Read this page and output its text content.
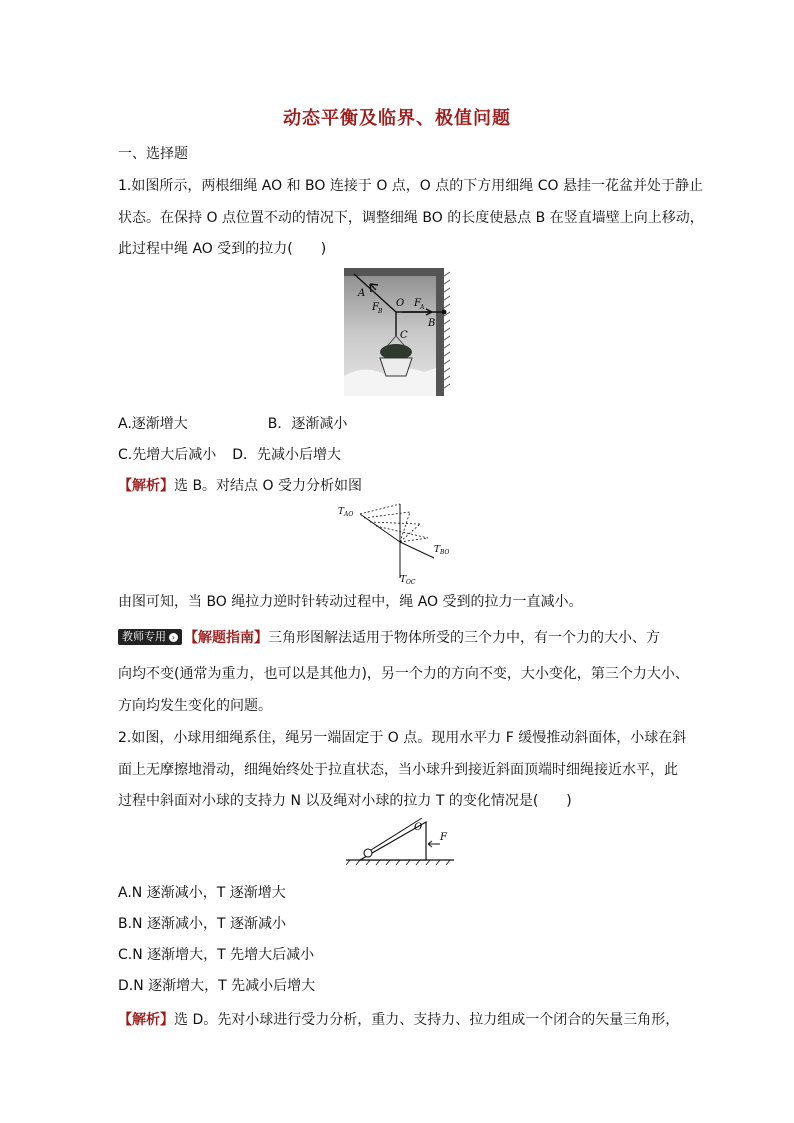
动态平衡及临界、极值问题
一、选择题
1.如图所示，两根细绳 AO 和 BO 连接于 O 点，O 点的下方用细绳 CO 悬挂一花盆并处于静止
状态。在保持 O 点位置不动的情况下，调整细绳 BO 的长度使悬点 B 在竖直墙壁上向上移动，
此过程中绳 AO 受到的拉力(　　)
A
O
C
B
F B
F A
A.逐渐增大	B．逐渐减小
C.先增大后减小 D．先减小后增大
【解析】选 B。对结点 O 受力分析如图
T AO
T BO
T OC
由图可知，当 BO 绳拉力逆时针转动过程中，绳 AO 受到的拉力一直减小。
教师专用 › 【解题指南】三角形图解法适用于物体所受的三个力中，有一个力的大小、方
向均不变(通常为重力，也可以是其他力)，另一个力的方向不变，大小变化，第三个力大小、
方向均发生变化的问题。
2.如图，小球用细绳系住，绳另一端固定于 O 点。现用水平力 F 缓慢推动斜面体，小球在斜
面上无摩擦地滑动，细绳始终处于拉直状态，当小球升到接近斜面顶端时细绳接近水平，此
过程中斜面对小球的支持力 N 以及绳对小球的拉力 T 的变化情况是(　　)
O
F
A.N 逐渐减小，T 逐渐增大
B.N 逐渐减小，T 逐渐减小
C.N 逐渐增大，T 先增大后减小
D.N 逐渐增大，T 先减小后增大
【解析】选 D。先对小球进行受力分析，重力、支持力、拉力组成一个闭合的矢量三角形，
